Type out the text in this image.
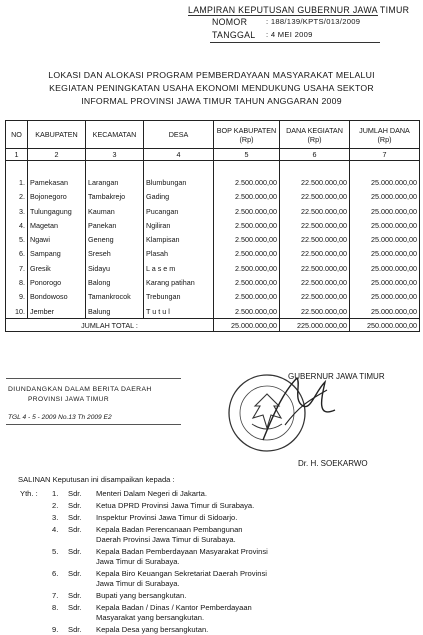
LAMPIRAN KEPUTUSAN GUBERNUR JAWA TIMUR
NOMOR : 188/139/KPTS/013/2009
TANGGAL : 4 MEI 2009
LOKASI DAN ALOKASI PROGRAM PEMBERDAYAAN MASYARAKAT MELALUI
KEGIATAN PENINGKATAN USAHA EKONOMI MENDUKUNG USAHA SEKTOR
INFORMAL PROVINSI JAWA TIMUR TAHUN ANGGARAN 2009
NO	KABUPATEN	KECAMATAN	DESA	BOP KABUPATEN (Rp)	DANA KEGIATAN (Rp)	JUMLAH DANA (Rp)
1	2	3	4	5	6	7

1.	Pamekasan	Larangan	Blumbungan	2.500.000,00	22.500.000,00	25.000.000,00
2.	Bojonegoro	Tambakrejo	Gading	2.500.000,00	22.500.000,00	25.000.000,00
3.	Tulungagung	Kauman	Pucangan	2.500.000,00	22.500.000,00	25.000.000,00
4.	Magetan	Panekan	Ngiliran	2.500.000,00	22.500.000,00	25.000.000,00
5.	Ngawi	Geneng	Klampisan	2.500.000,00	22.500.000,00	25.000.000,00
6.	Sampang	Sreseh	Plasah	2.500.000,00	22.500.000,00	25.000.000,00
7.	Gresik	Sidayu	L a s e m	2.500.000,00	22.500.000,00	25.000.000,00
8.	Ponorogo	Balong	Karang patihan	2.500.000,00	22.500.000,00	25.000.000,00
9.	Bondowoso	Tamankrocok	Trebungan	2.500.000,00	22.500.000,00	25.000.000,00
10.	Jember	Balung	T u t u l	2.500.000,00	22.500.000,00	25.000.000,00
JUMLAH TOTAL :				25.000.000,00	225.000.000,00	250.000.000,00
DIUNDANGKAN DALAM BERITA DAERAH
PROVINSI JAWA TIMUR
TGL 4 - 5 - 2009 No.13 Th 2009 E2
GUBERNUR JAWA TIMUR
Dr. H. SOEKARWO
SALINAN Keputusan ini disampaikan kepada :
Yth. : 1. Sdr. Menteri Dalam Negeri di Jakarta.
2. Sdr. Ketua DPRD Provinsi Jawa Timur di Surabaya.
3. Sdr. Inspektur Provinsi Jawa Timur di Sidoarjo.
4. Sdr. Kepala Badan Perencanaan Pembangunan
Daerah Provinsi Jawa Timur di Surabaya.
5. Sdr. Kepala Badan Pemberdayaan Masyarakat Provinsi
Jawa Timur di Surabaya.
6. Sdr. Kepala Biro Keuangan Sekretariat Daerah Provinsi
Jawa Timur di Surabaya.
7. Sdr. Bupati yang bersangkutan.
8. Sdr. Kepala Badan / Dinas / Kantor Pemberdayaan
Masyarakat yang bersangkutan.
9. Sdr. Kepala Desa yang bersangkutan.
